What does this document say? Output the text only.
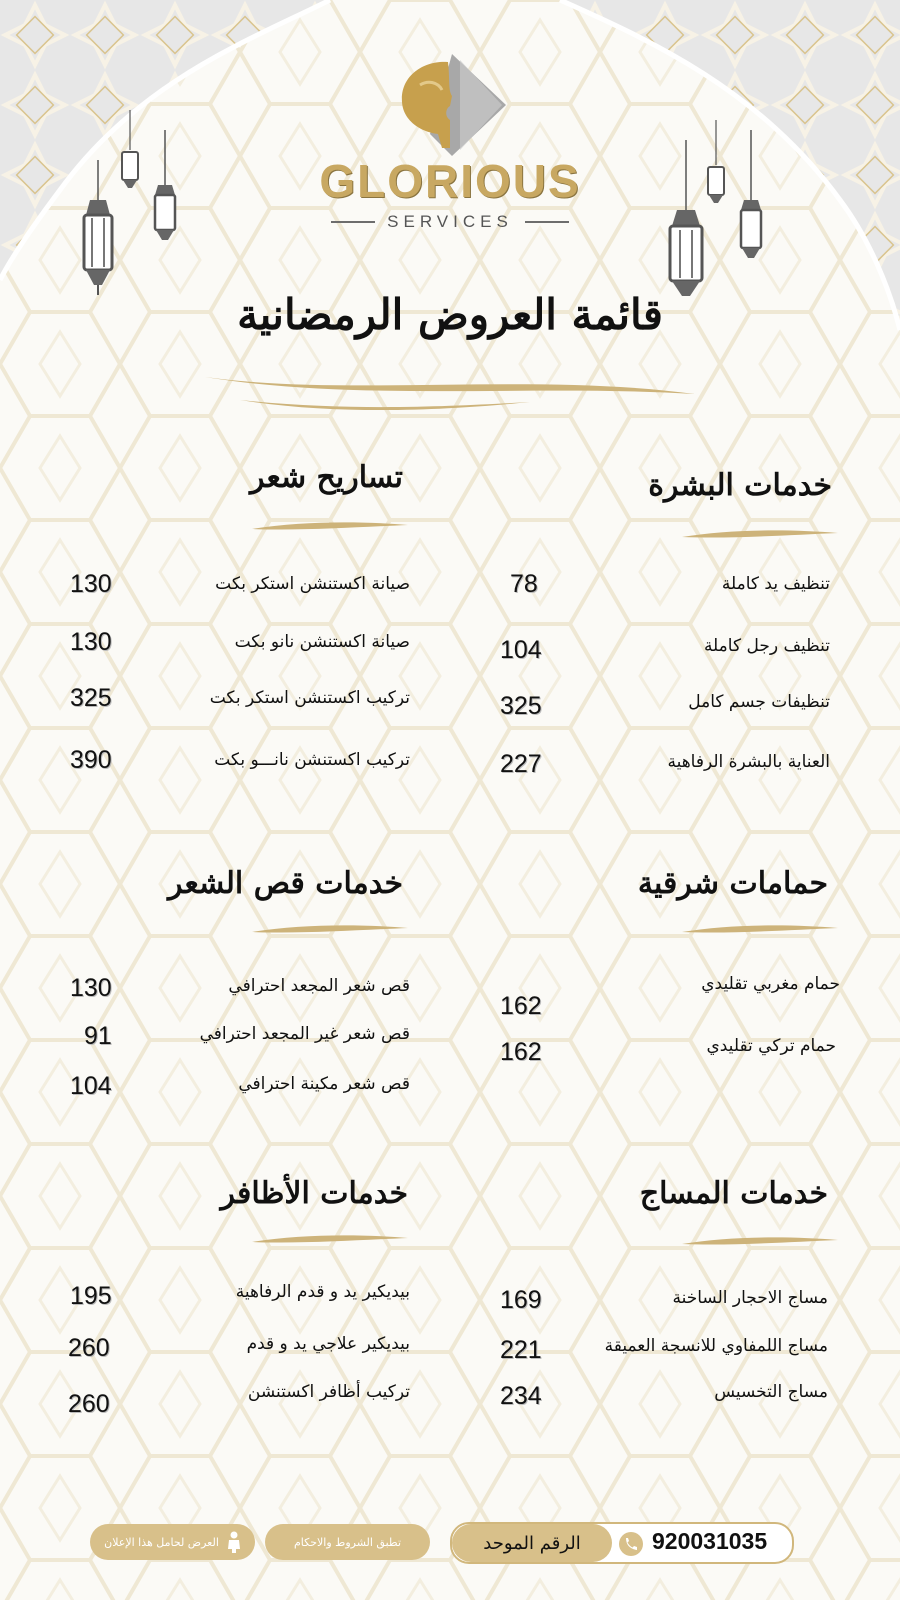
GLORIOUS
SERVICES
قائمة العروض الرمضانية
خدمات البشرة
تنظيف يد كاملة
78
تنظيف رجل كاملة
104
تنظيفات جسم كامل
325
العناية بالبشرة الرفاهية
227
تساريح شعر
صيانة اكستنشن استكر بكت
130
صيانة اكستنشن نانو بكت
130
تركيب اكستنشن استكر بكت
325
تركيب اكستنشن نانـــو بكت
390
حمامات شرقية
حمام مغربي تقليدي
162
حمام تركي تقليدي
162
خدمات قص الشعر
قص شعر المجعد احترافي
130
قص شعر غير المجعد احترافي
91
قص شعر مكينة احترافي
104
خدمات المساج
مساج الاحجار الساخنة
169
مساج اللمفاوي للانسجة العميقة
221
مساج التخسيس
234
خدمات الأظافر
بيديكير يد و قدم الرفاهية
195
بيديكير علاجي يد و قدم
260
تركيب أظافر اكستنشن
260
العرض لحامل هذا الإعلان	تطبق الشروط والاحكام	الرقم الموحد	920031035
